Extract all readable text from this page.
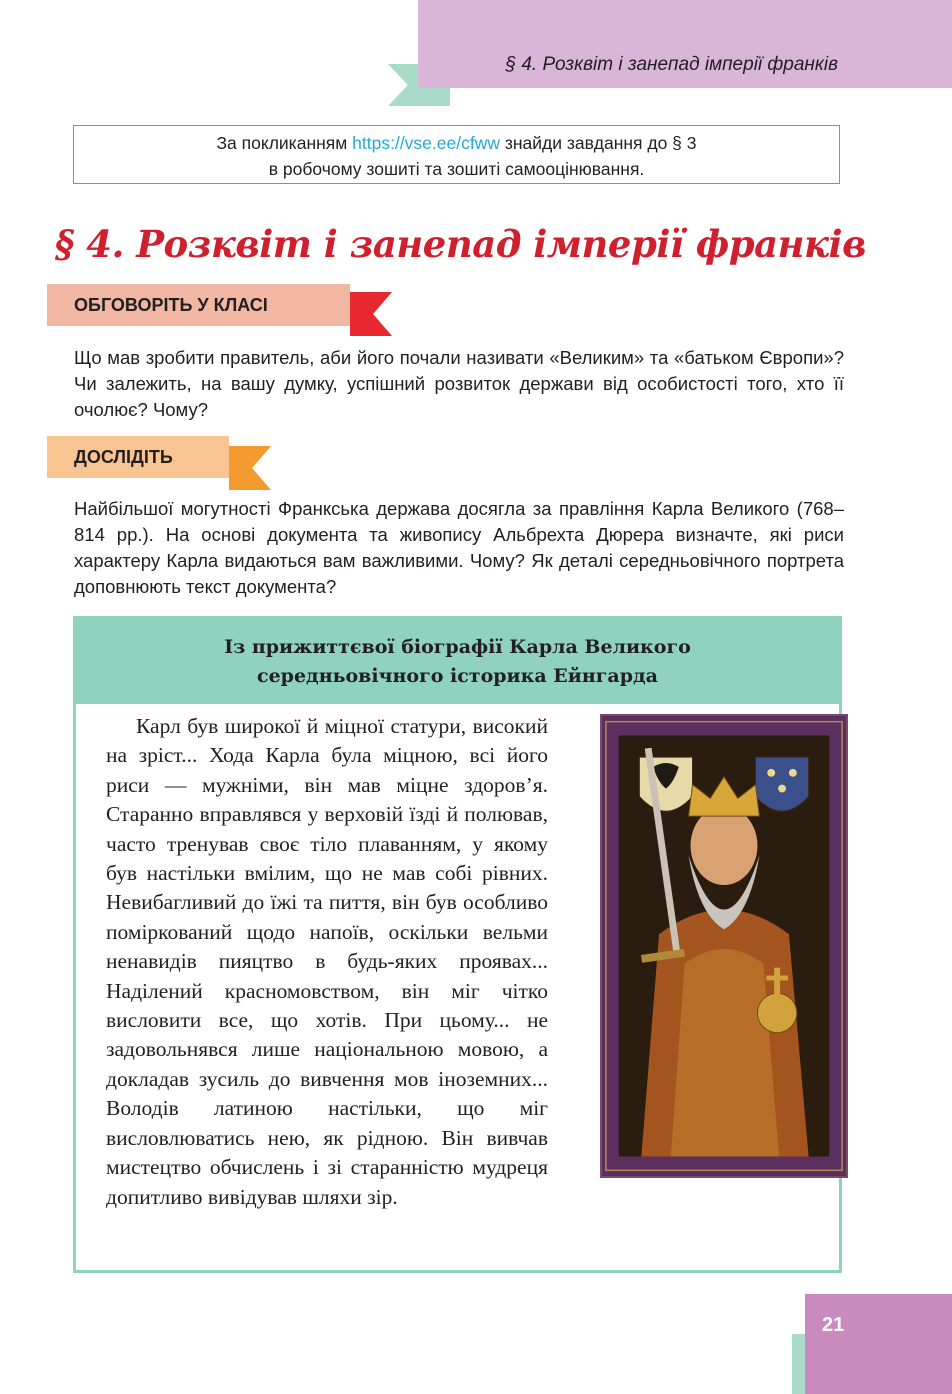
§ 4. Розквіт і занепад імперії франків
За покликанням https://vse.ee/cfww знайди завдання до § 3
в робочому зошиті та зошиті самооцінювання.
§ 4. Розквіт і занепад імперії франків
ОБГОВОРІТЬ У КЛАСІ
Що мав зробити правитель, аби його почали називати «Великим» та «батьком Європи»? Чи залежить, на вашу думку, успішний розвиток держави від особистості того, хто її очолює? Чому?
ДОСЛІДІТЬ
Найбільшої могутності Франкська держава досягла за правління Карла Великого (768–814 рр.). На основі документа та живопису Альбрехта Дюрера визначте, які риси характеру Карла видаються вам важливими. Чому? Як деталі середньовічного портрета доповнюють текст документа?
Із прижиттєвої біографії Карла Великого
середньовічного історика Ейнгарда
Карл був широкої й міцної статури, високий на зріст... Хода Карла була міцною, всі його риси — мужніми, він мав міцне здоров’я. Старанно вправлявся у верховій їзді й полював, часто тренував своє тіло плаванням, у якому був настільки вмілим, що не мав собі рівних. Невибагливий до їжі та пиття, він був особливо поміркований щодо напоїв, оскільки вельми ненавидів пияцтво в будь-яких проявах... Наділений красномовством, він міг чітко висловити все, що хотів. При цьому... не задовольнявся лише національною мовою, а докладав зусиль до вивчення мов іноземних... Володів латиною настільки, що міг висловлюватись нею, як рідною. Він вивчав мистецтво обчислень і зі старанністю мудреця допитливо вивідував шляхи зір.
21
